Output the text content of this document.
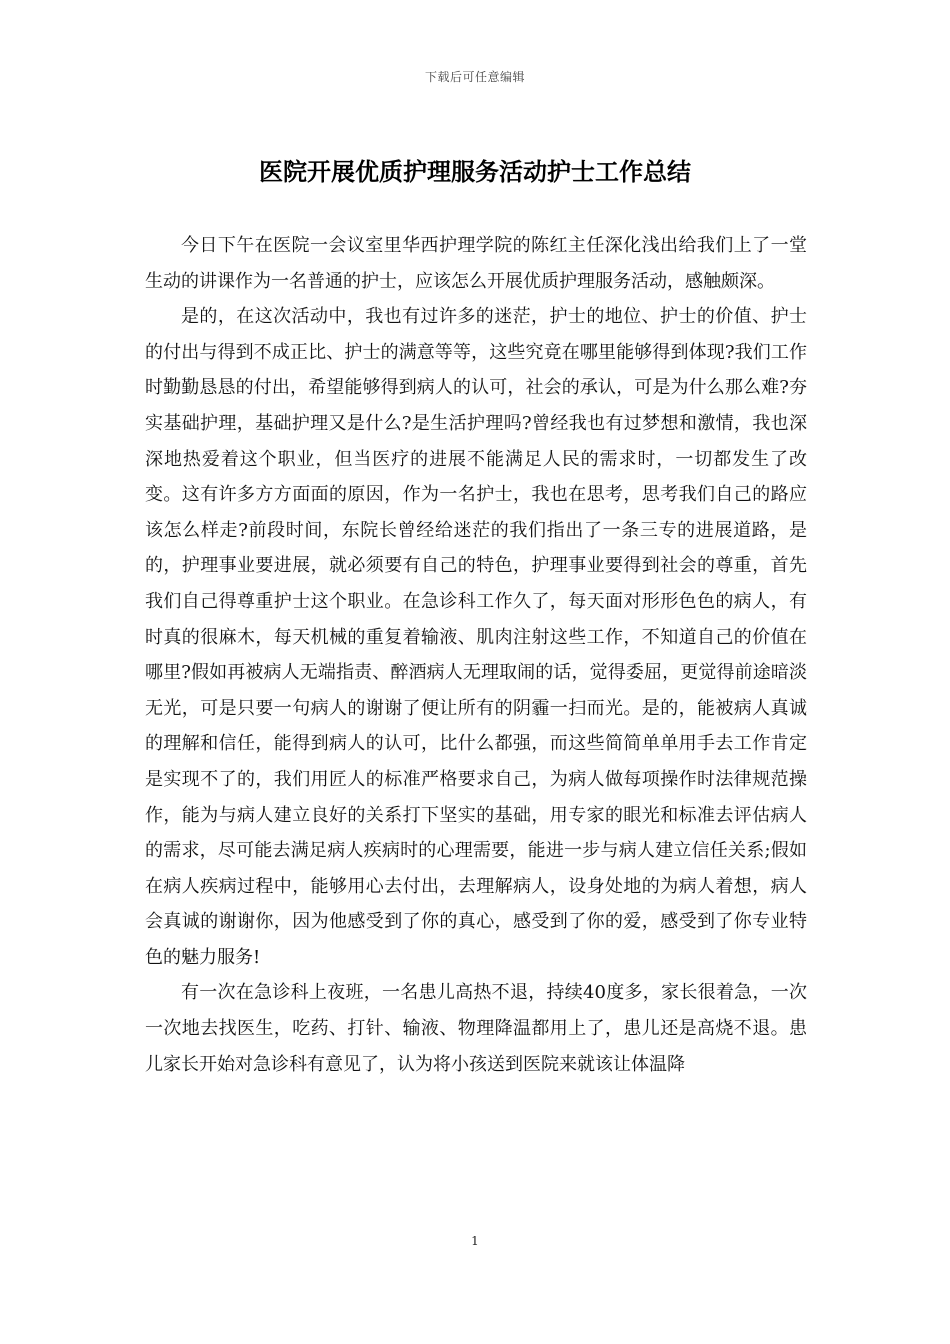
下载后可任意编辑
医院开展优质护理服务活动护士工作总结

今日下午在医院一会议室里华西护理学院的陈红主任深化浅出给我们上了一堂生动的讲课作为一名普通的护士，应该怎么开展优质护理服务活动，感触颇深。

是的，在这次活动中，我也有过许多的迷茫，护士的地位、护士的价值、护士的付出与得到不成正比、护士的满意等等，这些究竟在哪里能够得到体现?我们工作时勤勤恳恳的付出，希望能够得到病人的认可，社会的承认，可是为什么那么难?夯实基础护理，基础护理又是什么?是生活护理吗?曾经我也有过梦想和激情，我也深深地热爱着这个职业，但当医疗的进展不能满足人民的需求时，一切都发生了改变。这有许多方方面面的原因，作为一名护士，我也在思考，思考我们自己的路应该怎么样走?前段时间，东院长曾经给迷茫的我们指出了一条三专的进展道路，是的，护理事业要进展，就必须要有自己的特色，护理事业要得到社会的尊重，首先我们自己得尊重护士这个职业。在急诊科工作久了，每天面对形形色色的病人，有时真的很麻木，每天机械的重复着输液、肌肉注射这些工作，不知道自己的价值在哪里?假如再被病人无端指责、醉酒病人无理取闹的话，觉得委屈，更觉得前途暗淡无光，可是只要一句病人的谢谢了便让所有的阴霾一扫而光。是的，能被病人真诚的理解和信任，能得到病人的认可，比什么都强，而这些简简单单用手去工作肯定是实现不了的，我们用匠人的标准严格要求自己，为病人做每项操作时法律规范操作，能为与病人建立良好的关系打下坚实的基础，用专家的眼光和标准去评估病人的需求，尽可能去满足病人疾病时的心理需要，能进一步与病人建立信任关系;假如在病人疾病过程中，能够用心去付出，去理解病人，设身处地的为病人着想，病人会真诚的谢谢你，因为他感受到了你的真心，感受到了你的爱，感受到了你专业特色的魅力服务!

有一次在急诊科上夜班，一名患儿高热不退，持续40度多，家长很着急，一次一次地去找医生，吃药、打针、输液、物理降温都用上了，患儿还是高烧不退。患儿家长开始对急诊科有意见了，认为将小孩送到医院来就该让体温降

1
